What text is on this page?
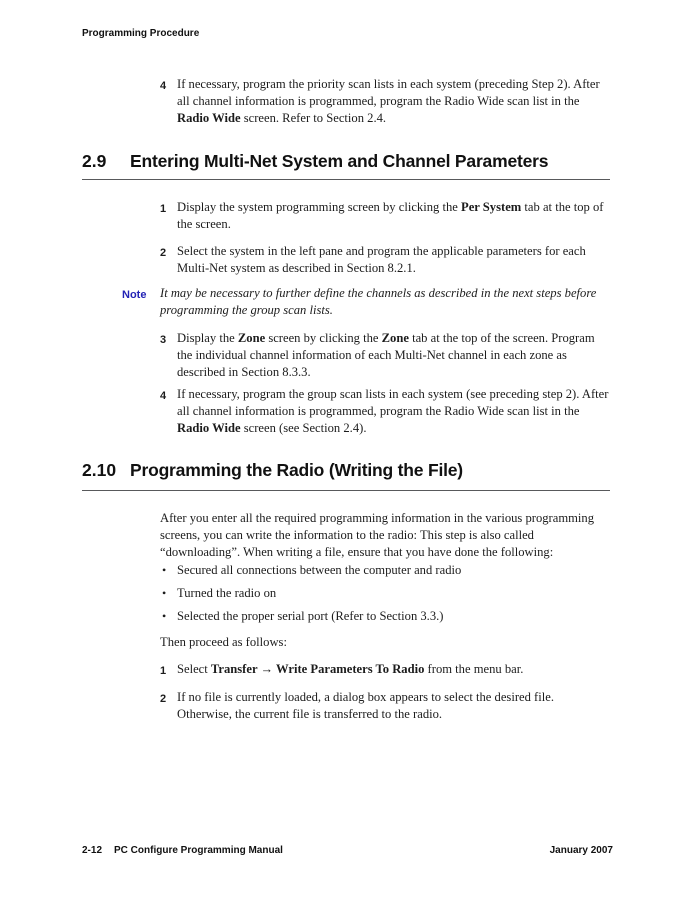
Programming Procedure
4 If necessary, program the priority scan lists in each system (preceding Step 2). After all channel information is programmed, program the Radio Wide scan list in the Radio Wide screen. Refer to Section 2.4.
2.9	Entering Multi-Net System and Channel Parameters
1 Display the system programming screen by clicking the Per System tab at the top of the screen.
2 Select the system in the left pane and program the applicable parameters for each Multi-Net system as described in Section 8.2.1.
Note	It may be necessary to further define the channels as described in the next steps before programming the group scan lists.
3 Display the Zone screen by clicking the Zone tab at the top of the screen. Program the individual channel information of each Multi-Net channel in each zone as described in Section 8.3.3.
4 If necessary, program the group scan lists in each system (see preceding step 2). After all channel information is programmed, program the Radio Wide scan list in the Radio Wide screen (see Section 2.4).
2.10 Programming the Radio (Writing the File)
After you enter all the required programming information in the various programming screens, you can write the information to the radio: This step is also called “downloading”. When writing a file, ensure that you have done the following:
• Secured all connections between the computer and radio
• Turned the radio on
• Selected the proper serial port (Refer to Section 3.3.)
Then proceed as follows:
1 Select Transfer → Write Parameters To Radio from the menu bar.
2 If no file is currently loaded, a dialog box appears to select the desired file. Otherwise, the current file is transferred to the radio.
2-12 PC Configure Programming Manual	January 2007
